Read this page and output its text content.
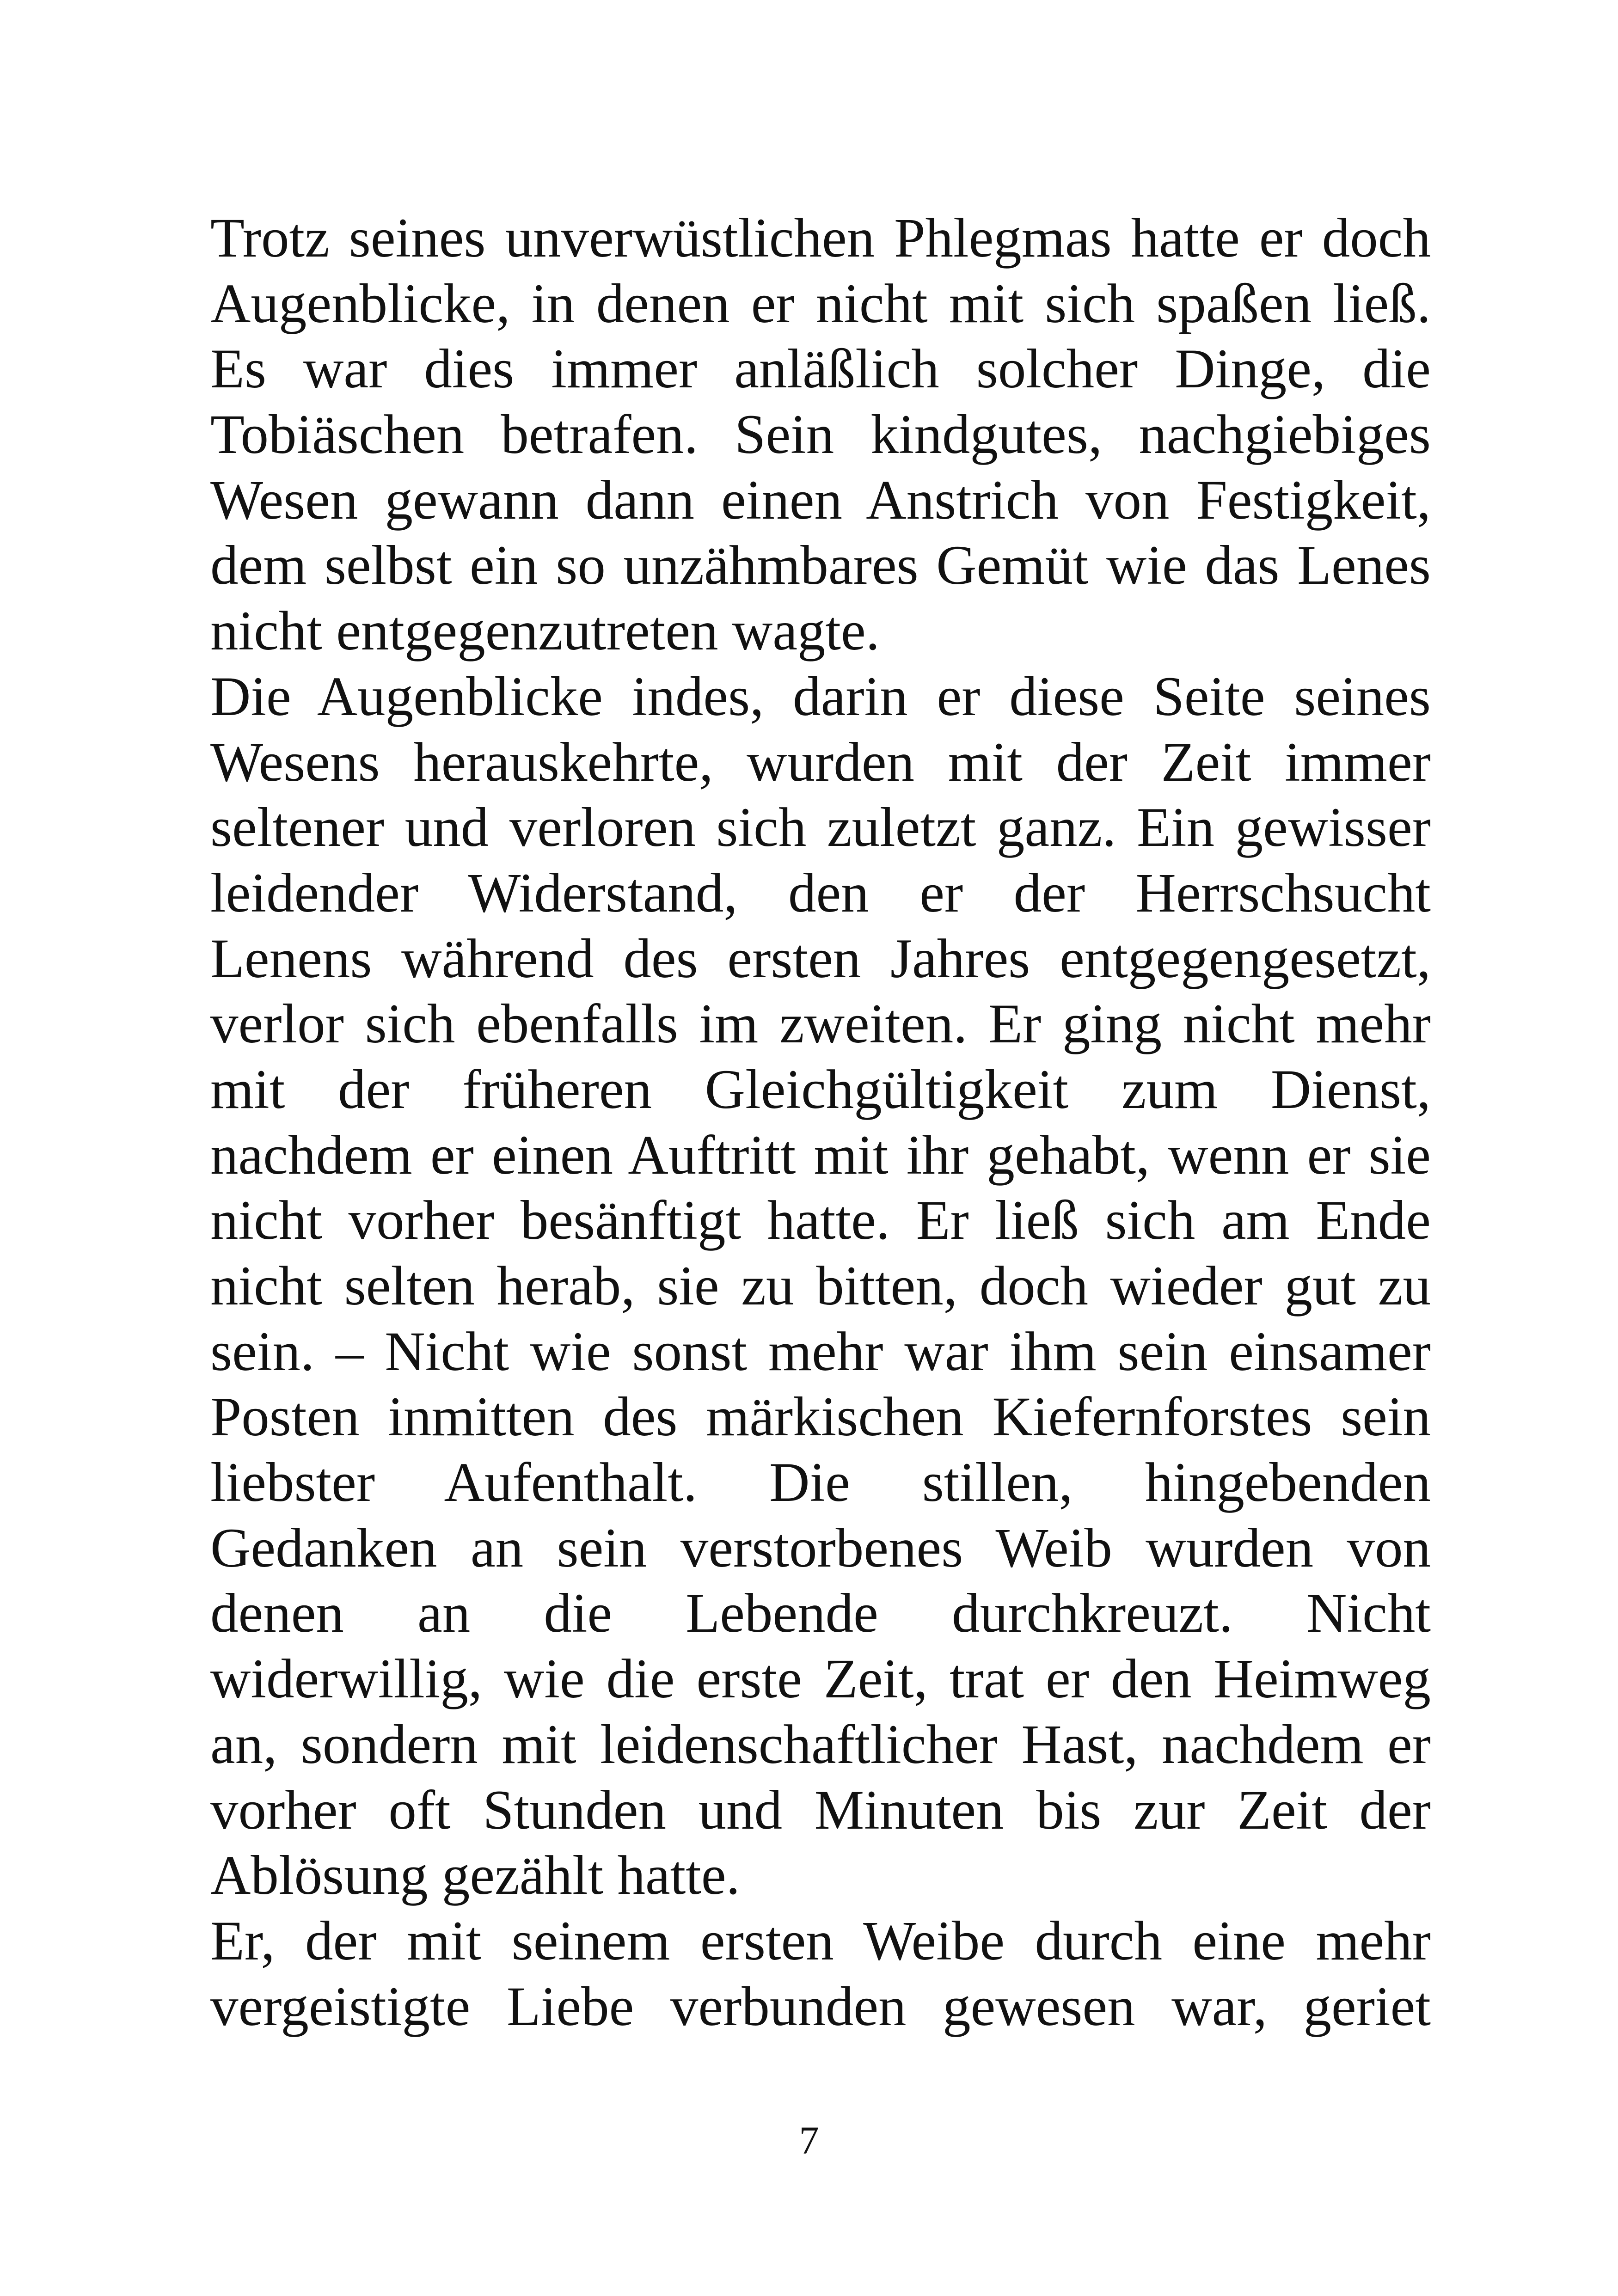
Trotz seines unverwüstlichen Phlegmas hatte er doch
Augenblicke, in denen er nicht mit sich spaßen ließ.
Es war dies immer anläßlich solcher Dinge, die
Tobiäschen betrafen. Sein kindgutes, nachgiebiges
Wesen gewann dann einen Anstrich von Festigkeit,
dem selbst ein so unzähmbares Gemüt wie das Lenes
nicht entgegenzutreten wagte.
Die Augenblicke indes, darin er diese Seite seines
Wesens herauskehrte, wurden mit der Zeit immer
seltener und verloren sich zuletzt ganz. Ein gewisser
leidender Widerstand, den er der Herrschsucht
Lenens während des ersten Jahres entgegengesetzt,
verlor sich ebenfalls im zweiten. Er ging nicht mehr
mit der früheren Gleichgültigkeit zum Dienst,
nachdem er einen Auftritt mit ihr gehabt, wenn er sie
nicht vorher besänftigt hatte. Er ließ sich am Ende
nicht selten herab, sie zu bitten, doch wieder gut zu
sein. – Nicht wie sonst mehr war ihm sein einsamer
Posten inmitten des märkischen Kiefernforstes sein
liebster Aufenthalt. Die stillen, hingebenden
Gedanken an sein verstorbenes Weib wurden von
denen an die Lebende durchkreuzt. Nicht
widerwillig, wie die erste Zeit, trat er den Heimweg
an, sondern mit leidenschaftlicher Hast, nachdem er
vorher oft Stunden und Minuten bis zur Zeit der
Ablösung gezählt hatte.
Er, der mit seinem ersten Weibe durch eine mehr
vergeistigte Liebe verbunden gewesen war, geriet
7
